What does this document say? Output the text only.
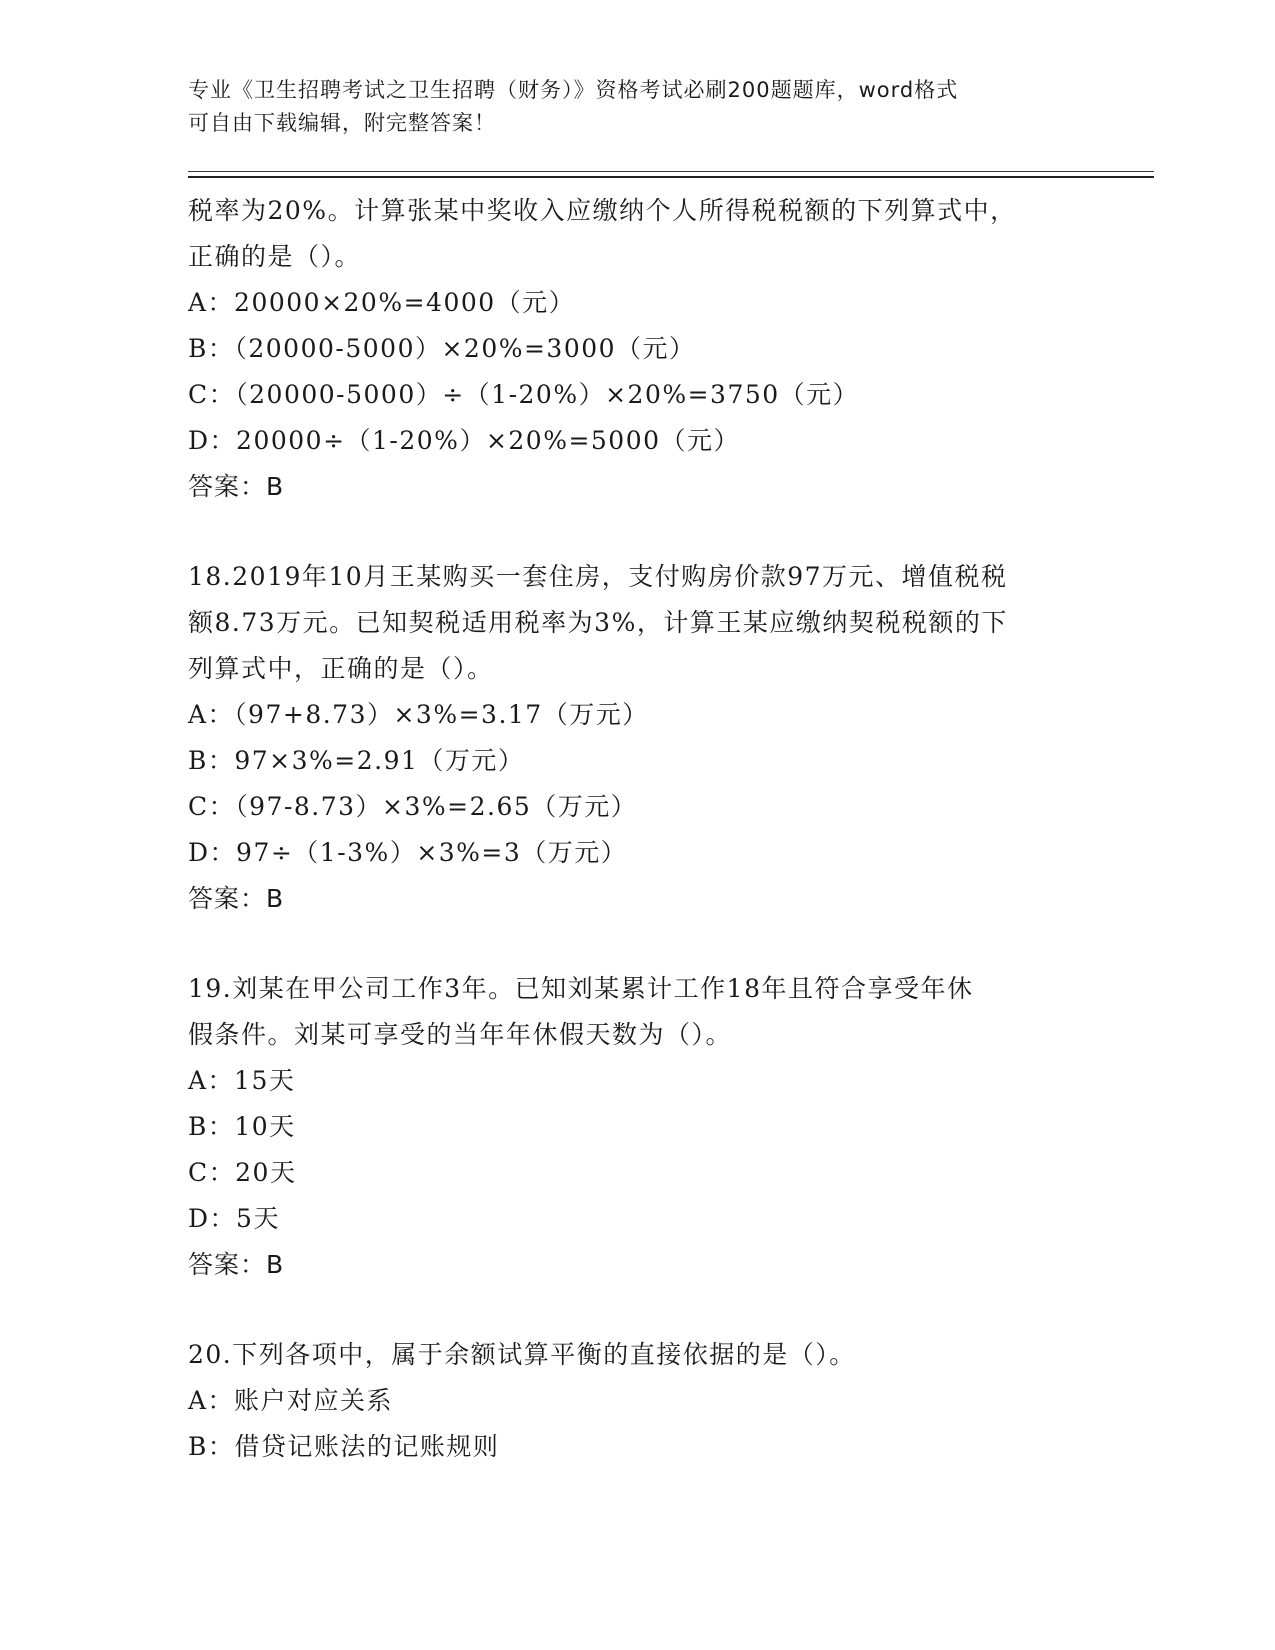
专业《卫生招聘考试之卫生招聘（财务）》资格考试必刷200题题库，word格式
可自由下载编辑，附完整答案！
税率为20%。计算张某中奖收入应缴纳个人所得税税额的下列算式中，
正确的是（）。
A：20000×20%=4000（元）
B：（20000-5000）×20%=3000（元）
C：（20000-5000）÷（1-20%）×20%=3750（元）
D：20000÷（1-20%）×20%=5000（元）
答案：B
18.2019年10月王某购买一套住房，支付购房价款97万元、增值税税
额8.73万元。已知契税适用税率为3%，计算王某应缴纳契税税额的下
列算式中，正确的是（）。
A：（97+8.73）×3%=3.17（万元）
B：97×3%=2.91（万元）
C：（97-8.73）×3%=2.65（万元）
D：97÷（1-3%）×3%=3（万元）
答案：B
19.刘某在甲公司工作3年。已知刘某累计工作18年且符合享受年休
假条件。刘某可享受的当年年休假天数为（）。
A：15天
B：10天
C：20天
D：5天
答案：B
20.下列各项中，属于余额试算平衡的直接依据的是（）。
A：账户对应关系
B：借贷记账法的记账规则
